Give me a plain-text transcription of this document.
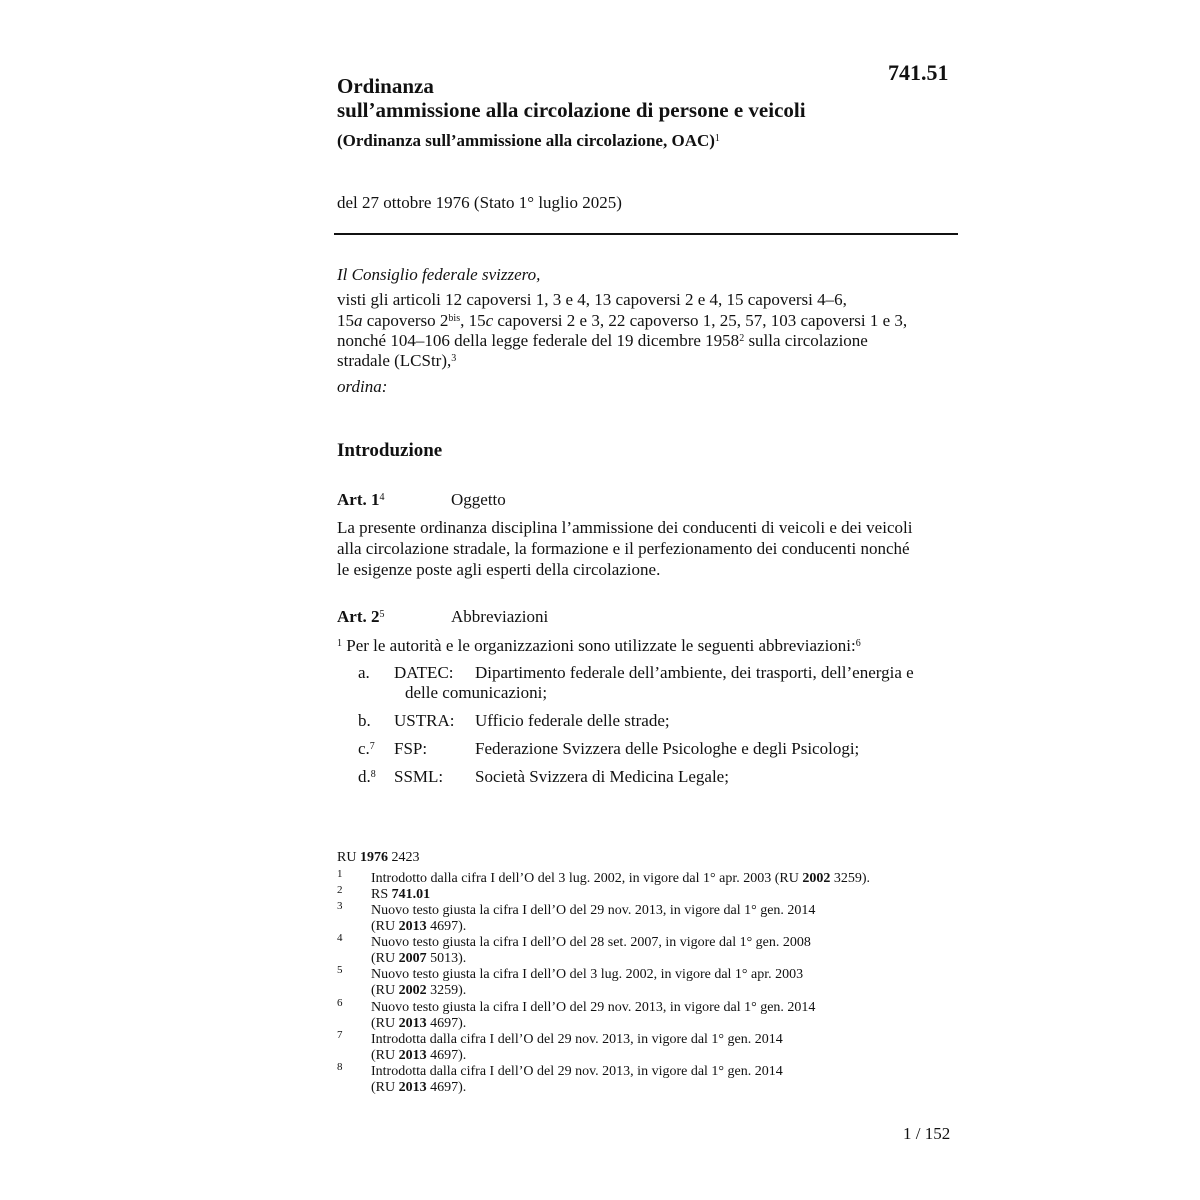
741.51
Ordinanza
sull’ammissione alla circolazione di persone e veicoli
(Ordinanza sull’ammissione alla circolazione, OAC)$^1$
del 27 ottobre 1976 (Stato 1° luglio 2025)
Il Consiglio federale svizzero,
visti gli articoli 12 capoversi 1, 3 e 4, 13 capoversi 2 e 4, 15 capoversi 4–6,
15a capoverso $2^{bis}$, 15c capoversi 2 e 3, 22 capoverso 1, 25, 57, 103 capoversi 1 e 3,
nonché 104–106 della legge federale del 19 dicembre 1958$^2$ sulla circolazione
stradale (LCStr),$^3$
ordina:
Introduzione
Art. $1^4$	Oggetto
La presente ordinanza disciplina l’ammissione dei conducenti di veicoli e dei veicoli
alla circolazione stradale, la formazione e il perfezionamento dei conducenti nonché
le esigenze poste agli esperti della circolazione.
Art. $2^5$	Abbreviazioni
$^1$ Per le autorità e le organizzazioni sono utilizzate le seguenti abbreviazioni:$^6$
a. DATEC: Dipartimento federale dell’ambiente, dei trasporti, dell’energia e
delle comunicazioni;
b. USTRA: Ufficio federale delle strade;
c.$^7$ FSP:	Federazione Svizzera delle Psicologhe e degli Psicologi;
d.$^8$ SSML: Società Svizzera di Medicina Legale;
RU 1976 2423
1 Introdotto dalla cifra I dell’O del 3 lug. 2002, in vigore dal 1° apr. 2003 (RU 2002 3259).
2 RS 741.01
3 Nuovo testo giusta la cifra I dell’O del 29 nov. 2013, in vigore dal 1° gen. 2014
(RU 2013 4697).
4 Nuovo testo giusta la cifra I dell’O del 28 set. 2007, in vigore dal 1° gen. 2008
(RU 2007 5013).
5 Nuovo testo giusta la cifra I dell’O del 3 lug. 2002, in vigore dal 1° apr. 2003
(RU 2002 3259).
6 Nuovo testo giusta la cifra I dell’O del 29 nov. 2013, in vigore dal 1° gen. 2014
(RU 2013 4697).
7 Introdotta dalla cifra I dell’O del 29 nov. 2013, in vigore dal 1° gen. 2014
(RU 2013 4697).
8 Introdotta dalla cifra I dell’O del 29 nov. 2013, in vigore dal 1° gen. 2014
(RU 2013 4697).
1 / 152
